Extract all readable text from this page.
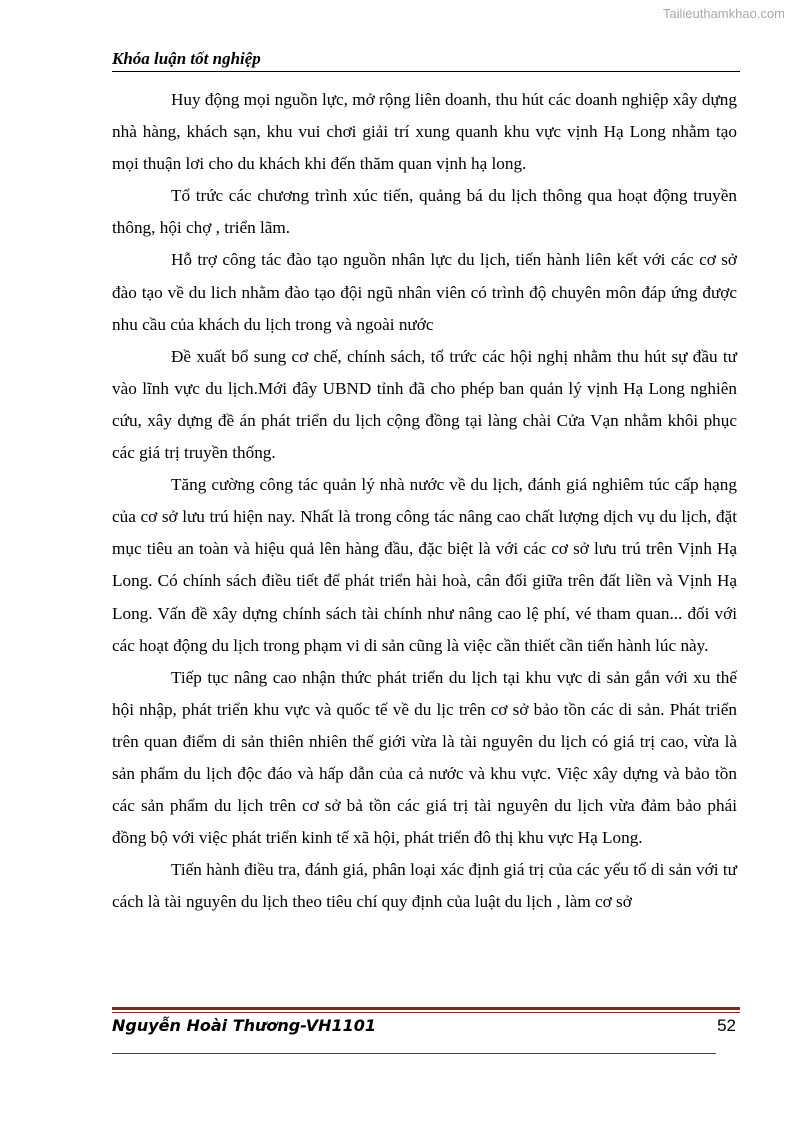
Tailieuthamkhao.com
Khóa luận tốt nghiệp

Huy động mọi nguồn lực, mở rộng liên doanh, thu hút các doanh nghiệp xây dựng nhà hàng, khách sạn, khu vui chơi giải trí xung quanh khu vực vịnh Hạ Long nhằm tạo mọi thuận lơi cho du khách khi đến thăm quan vịnh hạ long.

Tổ trức các chương trình xúc tiến, quảng bá du lịch thông qua hoạt động truyền thông, hội chợ , triển lãm.

Hỗ trợ công tác đào tạo nguồn nhân lực du lịch, tiến hành liên kết với các cơ sở đào tạo về du lich nhằm đào tạo đội ngũ nhân viên có trình độ chuyên môn đáp ứng được nhu cầu của khách du lịch trong và ngoài nước

Đề xuất bổ sung cơ chế, chính sách, tổ trức các hội nghị nhằm thu hút sự đầu tư vào lĩnh vực du lịch.Mới đây UBND tỉnh đã cho phép ban quản lý vịnh Hạ Long nghiên cứu, xây dựng đề án phát triển du lịch cộng đồng tại làng chài Cửa Vạn nhằm khôi phục các giá trị truyền thống.

Tăng cường công tác quản lý nhà nước về du lịch, đánh giá nghiêm túc cấp hạng của cơ sở lưu trú hiện nay. Nhất là trong công tác nâng cao chất lượng dịch vụ du lịch, đặt mục tiêu an toàn và hiệu quả lên hàng đầu, đặc biệt là với các cơ sở lưu trú trên Vịnh Hạ Long. Có chính sách điều tiết để phát triển hài hoà, cân đối giữa trên đất liền và Vịnh Hạ Long. Vấn đề xây dựng chính sách tài chính như nâng cao lệ phí, vé tham quan... đối với các hoạt động du lịch trong phạm vi di sản cũng là việc cần thiết cần tiến hành lúc này.

Tiếp tục nâng cao nhận thức phát triển du lịch tại khu vực di sản gắn với xu thế hội nhập, phát triển khu vực và quốc tế về du lịc trên cơ sở bảo tồn các di sản. Phát triển trên quan điểm di sản thiên nhiên thế giới vừa là tài nguyên du lịch có giá trị cao, vừa là sản phẩm du lịch độc đáo và hấp dẫn của cả nước và khu vực. Việc xây dựng và bảo tồn các sản phẩm du lịch trên cơ sở bả tồn các giá trị tài nguyên du lịch vừa đảm bảo phái đồng bộ với việc phát triển kinh tế xã hội, phát triển đô thị khu vực Hạ Long.

Tiến hành điều tra, đánh giá, phân loại xác định giá trị của các yếu tố di sản với tư cách là tài nguyên du lịch theo tiêu chí quy định của luật du lịch , làm cơ sở

Nguyễn Hoài Thương-VH1101	52
